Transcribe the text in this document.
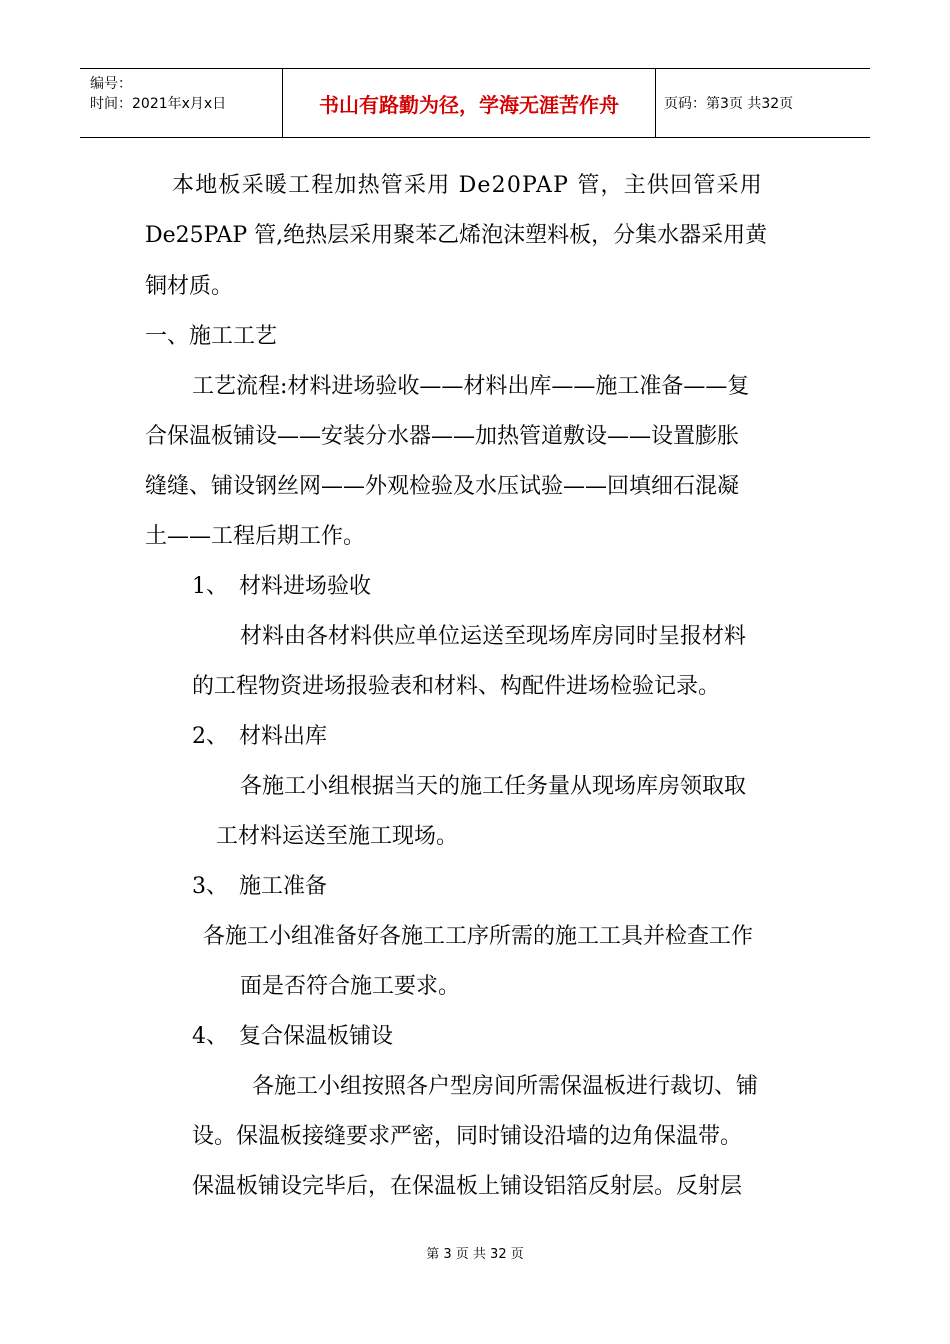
编号：
时间：2021年x月x日	书山有路勤为径，学海无涯苦作舟	页码：第3页 共32页
本地板采暖工程加热管采用 De20PAP 管，主供回管采用
De25PAP 管,绝热层采用聚苯乙烯泡沫塑料板，分集水器采用黄
铜材质。
一、施工工艺
工艺流程:材料进场验收——材料出库——施工准备——复
合保温板铺设——安装分水器——加热管道敷设——设置膨胀
缝缝、铺设钢丝网——外观检验及水压试验——回填细石混凝
土——工程后期工作。
1、　材料进场验收
材料由各材料供应单位运送至现场库房同时呈报材料
的工程物资进场报验表和材料、构配件进场检验记录。
2、　材料出库
各施工小组根据当天的施工任务量从现场库房领取取
工材料运送至施工现场。
3、　施工准备
各施工小组准备好各施工工序所需的施工工具并检查工作
面是否符合施工要求。
4、　复合保温板铺设
各施工小组按照各户型房间所需保温板进行裁切、铺
设。保温板接缝要求严密，同时铺设沿墙的边角保温带。
保温板铺设完毕后，在保温板上铺设铝箔反射层。反射层
第 3 页 共 32 页
